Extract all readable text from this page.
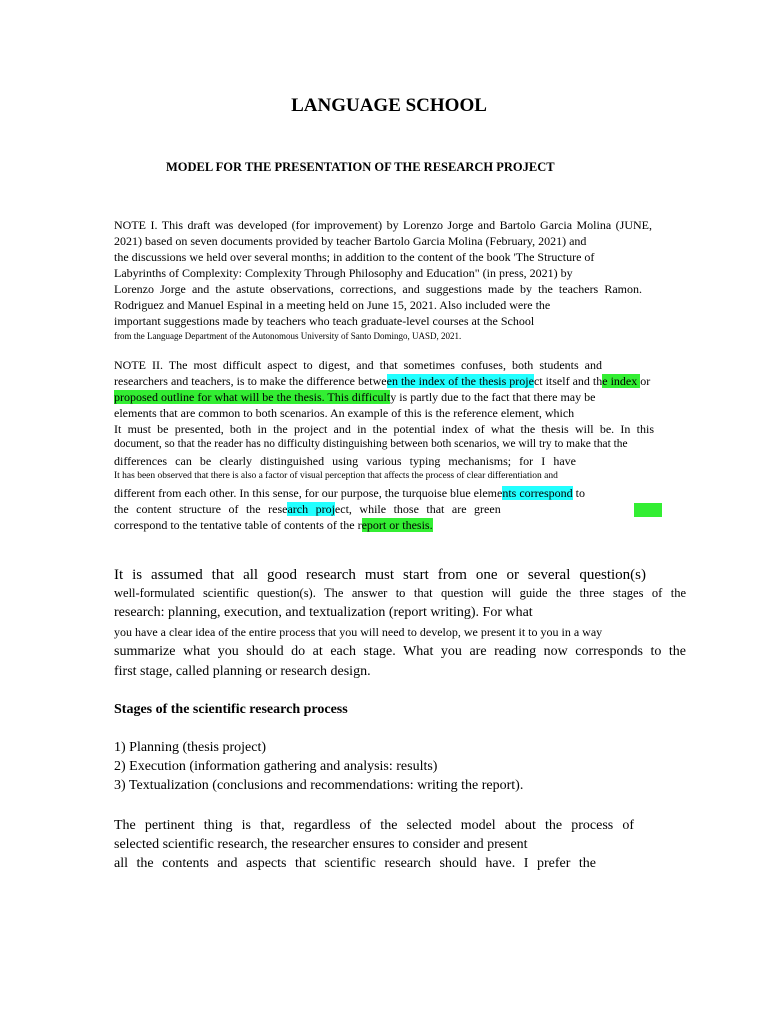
LANGUAGE SCHOOL
MODEL FOR THE PRESENTATION OF THE RESEARCH PROJECT
NOTE I. This draft was developed (for improvement) by Lorenzo Jorge and Bartolo Garcia Molina (JUNE,
2021) based on seven documents provided by teacher Bartolo Garcia Molina (February, 2021) and
the discussions we held over several months; in addition to the content of the book 'The Structure of
Labyrinths of Complexity: Complexity Through Philosophy and Education" (in press, 2021) by
Lorenzo Jorge and the astute observations, corrections, and suggestions made by the teachers Ramon.
Rodriguez and Manuel Espinal in a meeting held on June 15, 2021. Also included were the
important suggestions made by teachers who teach graduate-level courses at the School
from the Language Department of the Autonomous University of Santo Domingo, UASD, 2021.
NOTE II. The most difficult aspect to digest, and that sometimes confuses, both students and
researchers and teachers, is to make the difference between the index of the thesis project itself and the index or
proposed outline for what will be the thesis. This difficulty is partly due to the fact that there may be
elements that are common to both scenarios. An example of this is the reference element, which
It must be presented, both in the project and in the potential index of what the thesis will be. In this
document, so that the reader has no difficulty distinguishing between both scenarios, we will try to make that the
differences can be clearly distinguished using various typing mechanisms; for I have
It has been observed that there is also a factor of visual perception that affects the process of clear differentiation and
different from each other. In this sense, for our purpose, the turquoise blue elements correspond to
the content structure of the research project, while those that are green
correspond to the tentative table of contents of the report or thesis.
It is assumed that all good research must start from one or several question(s)
well-formulated scientific question(s). The answer to that question will guide the three stages of the
research: planning, execution, and textualization (report writing). For what
you have a clear idea of the entire process that you will need to develop, we present it to you in a way
summarize what you should do at each stage. What you are reading now corresponds to the
first stage, called planning or research design.
Stages of the scientific research process
1) Planning (thesis project)
2) Execution (information gathering and analysis: results)
3) Textualization (conclusions and recommendations: writing the report).
The pertinent thing is that, regardless of the selected model about the process of
selected scientific research, the researcher ensures to consider and present
all the contents and aspects that scientific research should have. I prefer the
